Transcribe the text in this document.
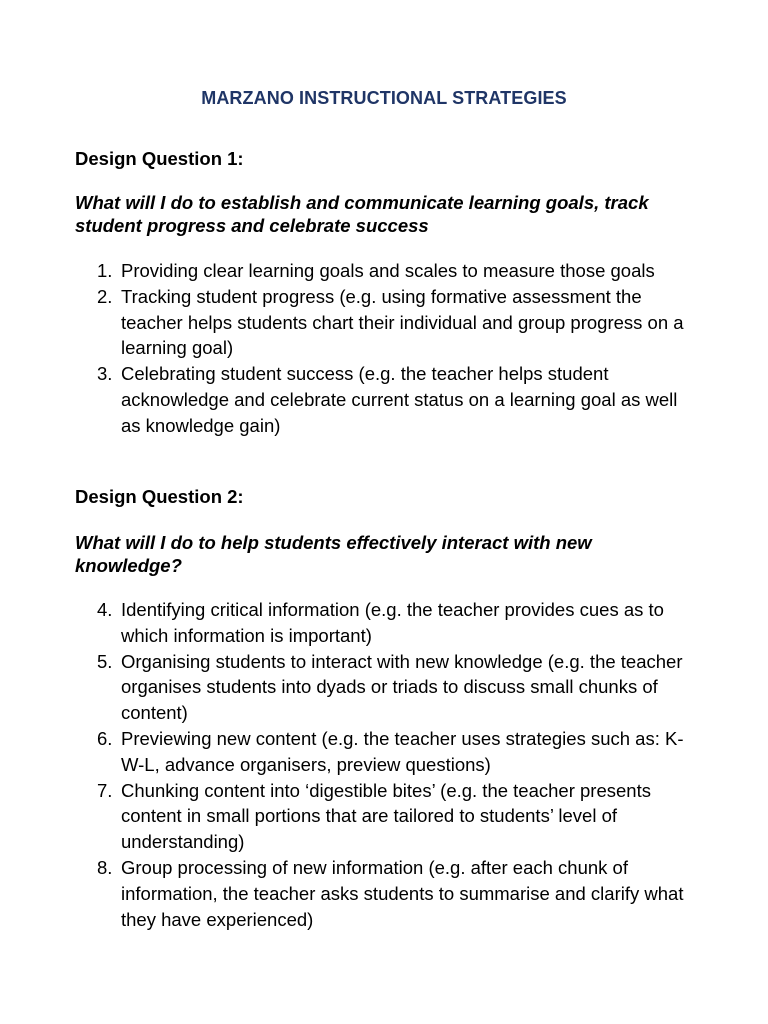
MARZANO INSTRUCTIONAL STRATEGIES
Design Question 1:
What will I do to establish and communicate learning goals, track student progress and celebrate success
1. Providing clear learning goals and scales to measure those goals
2. Tracking student progress (e.g. using formative assessment the teacher helps students chart their individual and group progress on a learning goal)
3. Celebrating student success (e.g. the teacher helps student acknowledge and celebrate current status on a learning goal as well as knowledge gain)
Design Question 2:
What will I do to help students effectively interact with new knowledge?
4. Identifying critical information (e.g. the teacher provides cues as to which information is important)
5. Organising students to interact with new knowledge (e.g. the teacher organises students into dyads or triads to discuss small chunks of content)
6. Previewing new content (e.g. the teacher uses strategies such as: K-W-L, advance organisers, preview questions)
7. Chunking content into ‘digestible bites’ (e.g. the teacher presents content in small portions that are tailored to students’ level of understanding)
8. Group processing of new information (e.g. after each chunk of information, the teacher asks students to summarise and clarify what they have experienced)
